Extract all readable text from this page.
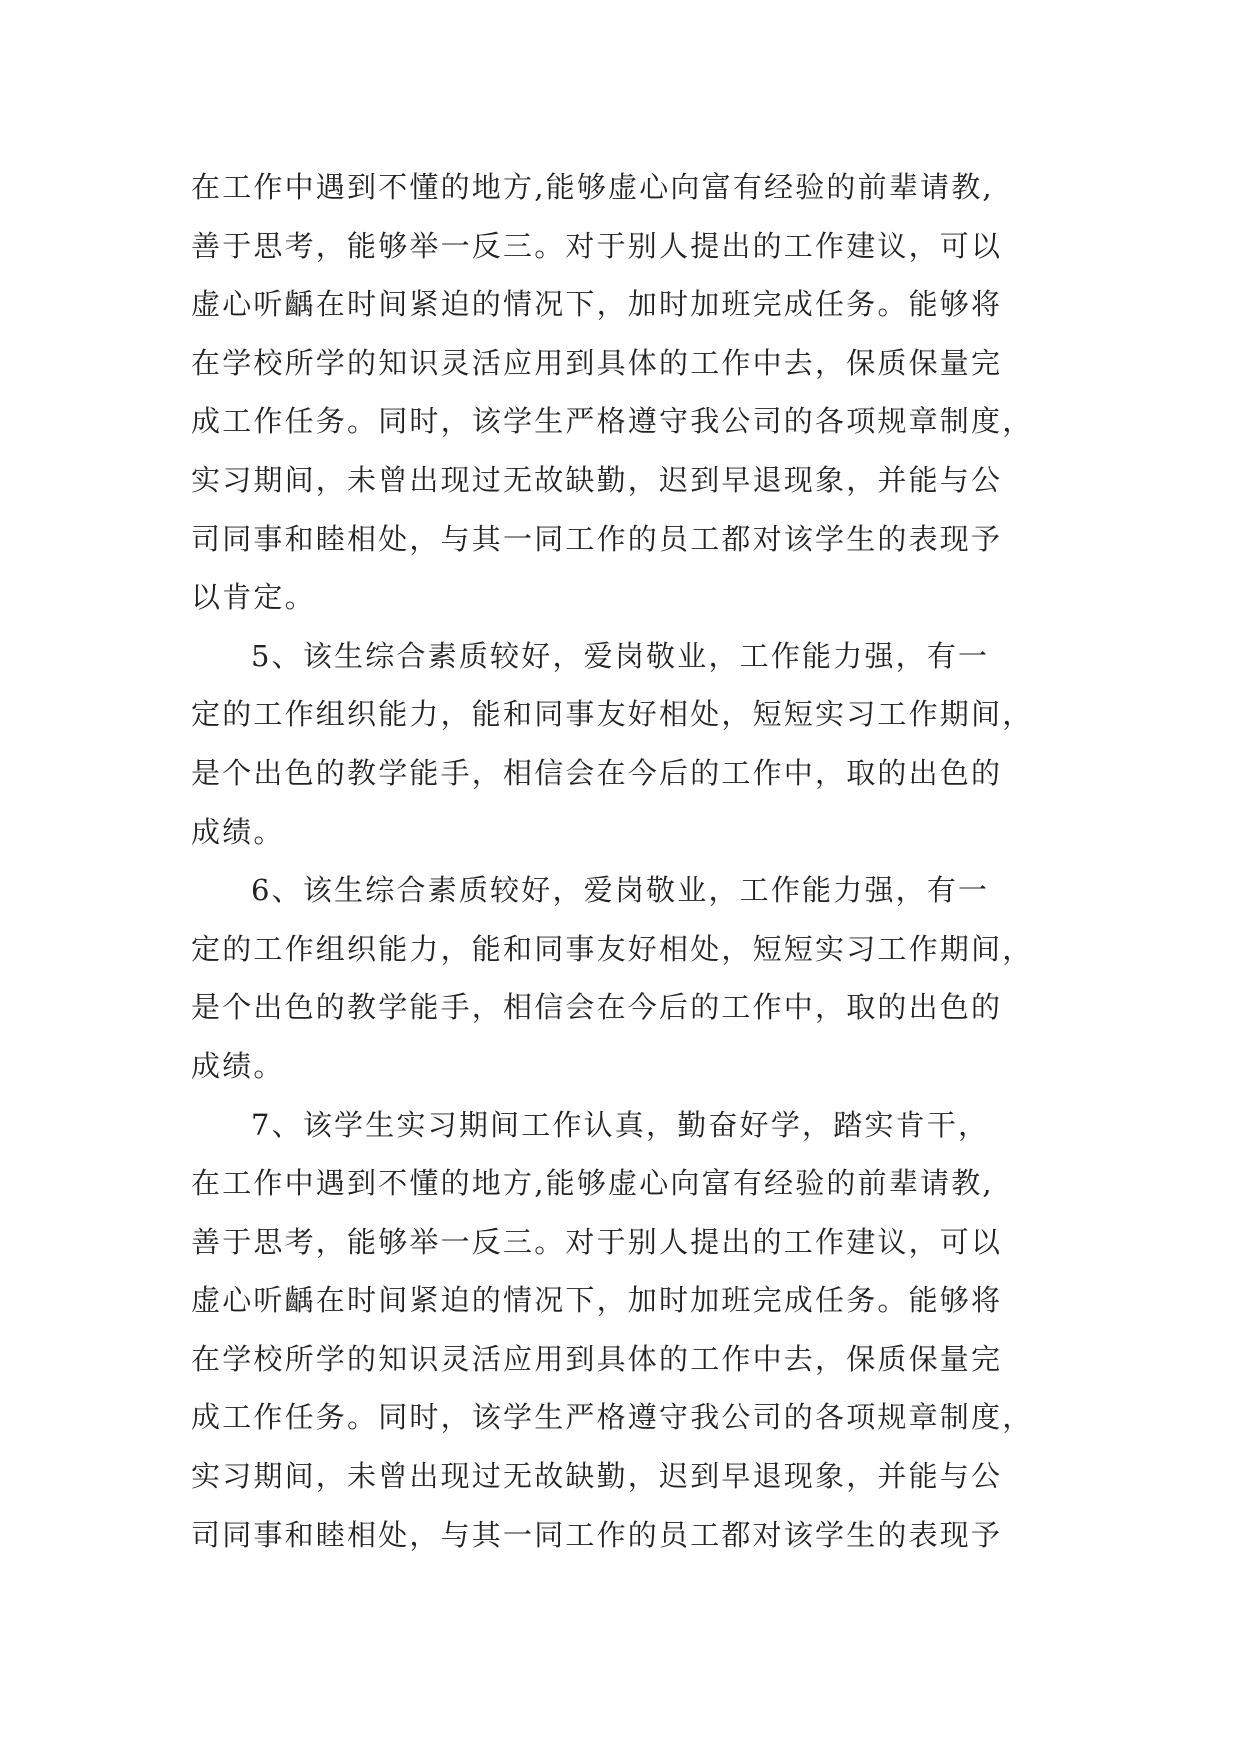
在工作中遇到不懂的地方,能够虚心向富有经验的前辈请教,
善于思考，能够举一反三。对于别人提出的工作建议，可以
虚心听齲在时间紧迫的情况下，加时加班完成任务。能够将
在学校所学的知识灵活应用到具体的工作中去，保质保量完
成工作任务。同时，该学生严格遵守我公司的各项规章制度，
实习期间，未曾出现过无故缺勤，迟到早退现象，并能与公
司同事和睦相处，与其一同工作的员工都对该学生的表现予
以肯定。
5、该生综合素质较好，爱岗敬业，工作能力强，有一
定的工作组织能力，能和同事友好相处，短短实习工作期间，
是个出色的教学能手，相信会在今后的工作中，取的出色的
成绩。
6、该生综合素质较好，爱岗敬业，工作能力强，有一
定的工作组织能力，能和同事友好相处，短短实习工作期间，
是个出色的教学能手，相信会在今后的工作中，取的出色的
成绩。
7、该学生实习期间工作认真，勤奋好学，踏实肯干，
在工作中遇到不懂的地方,能够虚心向富有经验的前辈请教,
善于思考，能够举一反三。对于别人提出的工作建议，可以
虚心听齲在时间紧迫的情况下，加时加班完成任务。能够将
在学校所学的知识灵活应用到具体的工作中去，保质保量完
成工作任务。同时，该学生严格遵守我公司的各项规章制度，
实习期间，未曾出现过无故缺勤，迟到早退现象，并能与公
司同事和睦相处，与其一同工作的员工都对该学生的表现予
